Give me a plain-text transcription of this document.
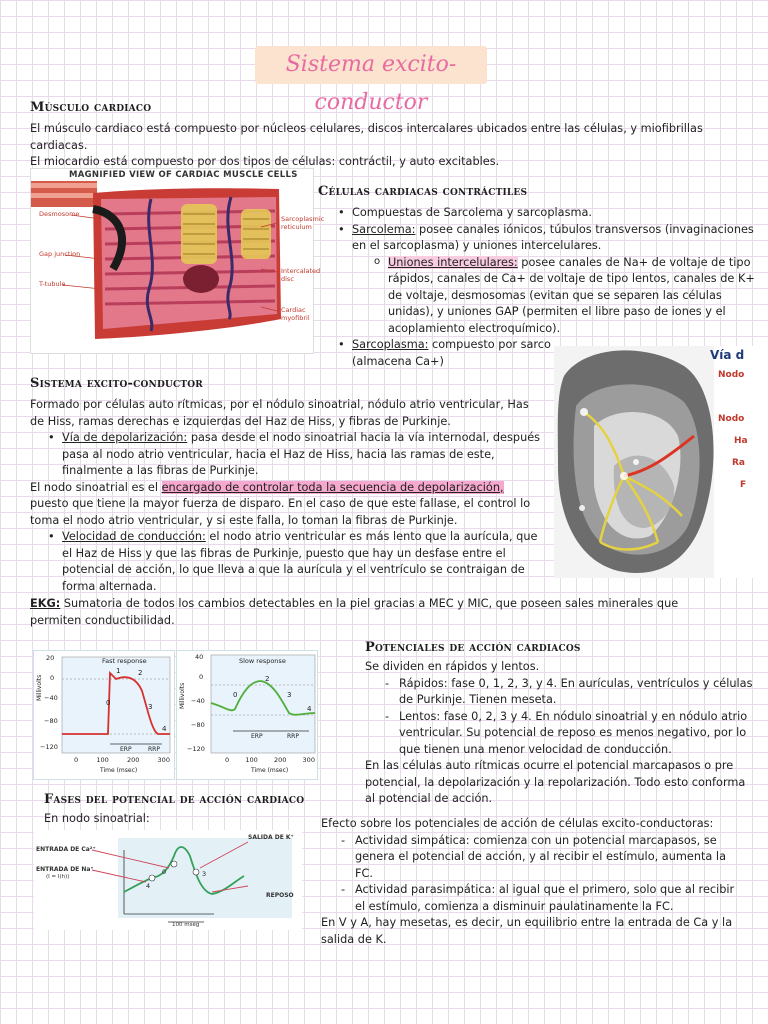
Sistema excito-conductor
Músculo cardiaco
El músculo cardiaco está compuesto por núcleos celulares, discos intercalares ubicados entre las células, y miofibrillas cardiacas.
El miocardio está compuesto por dos tipos de células: contráctil, y auto excitables.
MAGNIFIED VIEW OF CARDIAC MUSCLE CELLS
Desmosome
Gap junction
T-tubule
Sarcoplasmic reticulum
Intercalated disc
Cardiac myofibril
Células cardiacas contráctiles
• Compuestas de Sarcolema y sarcoplasma.
• Sarcolema: posee canales iónicos, túbulos transversos (invaginaciones en el sarcoplasma) y uniones intercelulares.
o Uniones intercelulares: posee canales de Na+ de voltaje de tipo rápidos, canales de Ca+ de voltaje de tipo lentos, canales de K+ de voltaje, desmosomas (evitan que se separen las células unidas), y uniones GAP (permiten el libre paso de iones y el acoplamiento electroquímico).
• Sarcoplasma: compuesto por sarco
(almacena Ca+)	Vía d
Nodo
Nodo
Ha
Ra
F
Sistema excito-conductor
Formado por células auto rítmicas, por el nódulo sinoatrial, nódulo atrio ventricular, Has de Hiss, ramas derechas e izquierdas del Haz de Hiss, y fibras de Purkinje.
• Vía de depolarización: pasa desde el nodo sinoatrial hacia la vía internodal, después pasa al nodo atrio ventricular, hacia el Haz de Hiss, hacia las ramas de este, finalmente a las fibras de Purkinje.
El nodo sinoatrial es el encargado de controlar toda la secuencia de depolarización, puesto que tiene la mayor fuerza de disparo. En el caso de que este fallase, el control lo toma el nodo atrio ventricular, y si este falla, lo toman la fibras de Purkinje.
• Velocidad de conducción: el nodo atrio ventricular es más lento que la aurícula, que el Haz de Hiss y que las fibras de Purkinje, puesto que hay un desfase entre el potencial de acción, lo que lleva a que la aurícula y el ventrículo se contraigan de forma alternada.
EKG: Sumatoria de todos los cambios detectables en la piel gracias a MEC y MIC, que poseen sales minerales que permiten conductibilidad.
Fast response
Millivolts
20
0
−40
−80
−120
0
1	2
3
4
ERP	RRP
0	100	200	300
Time (msec)
Slow response
Millivolts
40
0
−40
−80
−120
0
2
3
4
ERP	RRP
0 100 200 300
Time (msec)
Potenciales de acción cardiacos
Se dividen en rápidos y lentos.
- Rápidos: fase 0, 1, 2, 3, y 4. En aurículas, ventrículos y células de Purkinje. Tienen meseta.
- Lentos: fase 0, 2, 3 y 4. En nódulo sinoatrial y en nódulo atrio ventricular. Su potencial de reposo es menos negativo, por lo que tienen una menor velocidad de conducción.
En las células auto rítmicas ocurre el potencial marcapasos o pre potencial, la depolarización y la repolarización. Todo esto conforma al potencial de acción.
Fases del potencial de acción cardiaco
En nodo sinoatrial:
ENTRADA DE Ca²⁺
ENTRADA DE Na⁺
(I = I(h))
SALIDA DE K⁺
REPOSO
100 mseg
0	3
4
Efecto sobre los potenciales de acción de células excito-conductoras:
- Actividad simpática: comienza con un potencial marcapasos, se genera el potencial de acción, y al recibir el estímulo, aumenta la FC.
- Actividad parasimpática: al igual que el primero, solo que al recibir el estímulo, comienza a disminuir paulatinamente la FC.
En V y A, hay mesetas, es decir, un equilibrio entre la entrada de Ca y la salida de K.
